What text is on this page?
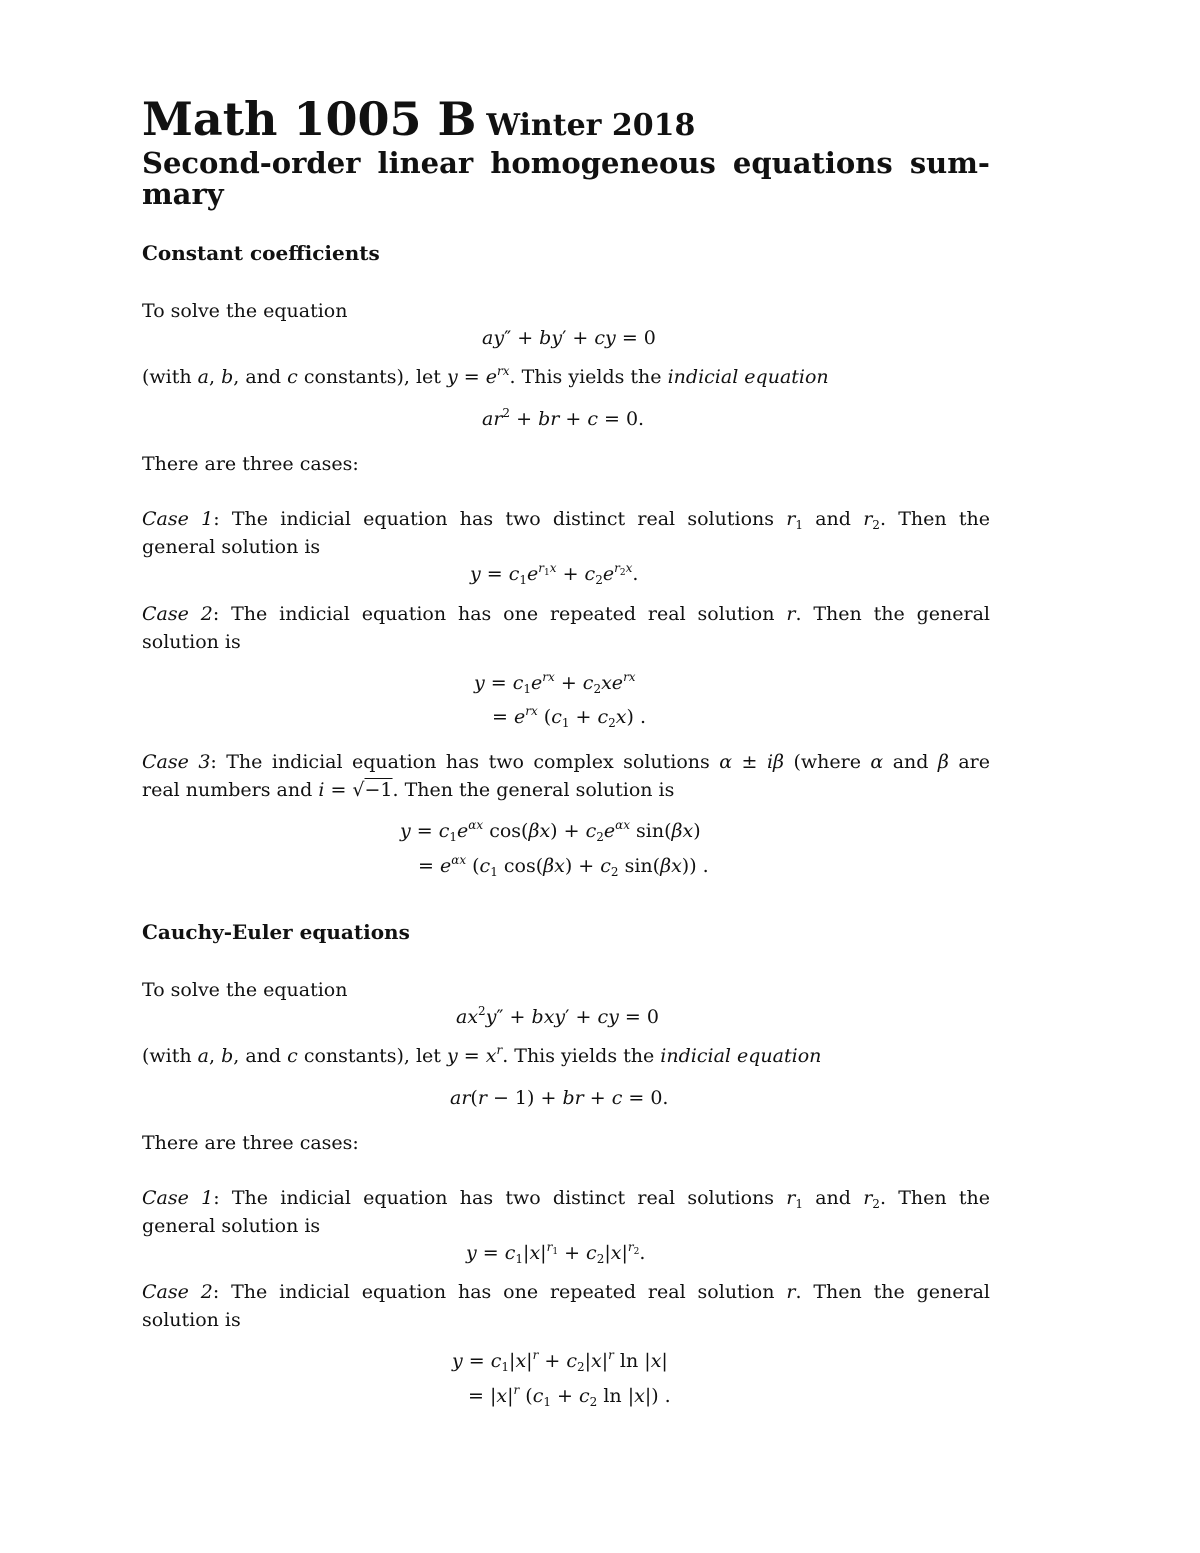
Math 1005 B Winter 2018
Second-order linear homogeneous equations sum-
mary
Constant coefficients
To solve the equation
ay″ + by′ + cy = 0
(with a, b, and c constants), let $y = e^{rx}$. This yields the indicial equation
$ar^2$ + br + c = 0.
There are three cases:
Case 1: The indicial equation has two distinct real solutions $r_1$ and $r_2$. Then the
general solution is
$y = c_1e^{r_1x} + c_2e^{r_2x}$.
Case 2: The indicial equation has one repeated real solution r. Then the general
solution is
$y = c_1e^{rx} + c_2xe^{rx}$
= $e^{rx}$ $(c_1 + c_2x)$ .
Case 3: The indicial equation has two complex solutions α ± iβ (where α and β are
real numbers and i = √−1. Then the general solution is
$y = c_1e^{\alpha x}$ $\cos(\beta x) + c_2e^{\alpha x}$ sin(βx)
= $e^{\alpha x}$ ($c_1$ $\cos(\beta x) + c_2$ sin(βx)) .
Cauchy-Euler equations
To solve the equation
$ax^2y'' + bxy'$ + cy = 0
(with a, b, and c constants), let $y = x^r$. This yields the indicial equation
ar(r − 1) + br + c = 0.
There are three cases:
Case 1: The indicial equation has two distinct real solutions $r_1$ and $r_2$. Then the
general solution is
$y = c_1|x|^{r_1} + c_2|x|^{r_2}$.
Case 2: The indicial equation has one repeated real solution r. Then the general
solution is
$y = c_1|x|^r + c_2|x|^r$ ln |x|
= $|x|^r$ ($c_1 + c_2$ ln |x|) .
